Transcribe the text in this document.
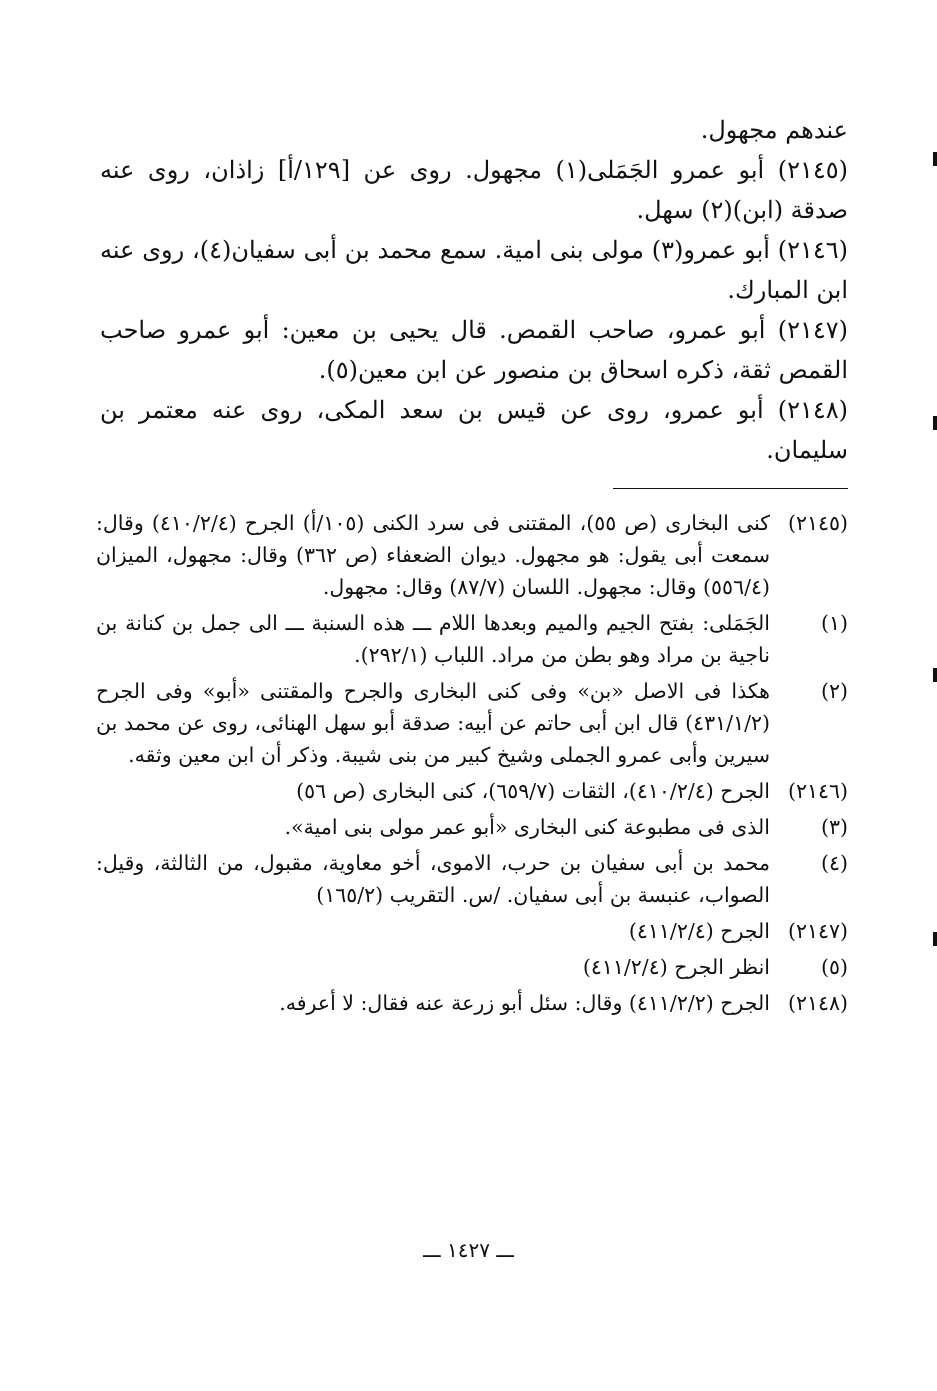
عندهم مجهول.

(٢١٤٥) أبو عمرو الجَمَلى(١) مجهول. روى عن [١٢٩/أ] زاذان، روى عنه صدقة (ابن)(٢) سهل.

(٢١٤٦) أبو عمرو(٣) مولى بنى امية. سمع محمد بن أبى سفيان(٤)، روى عنه ابن المبارك.

(٢١٤٧) أبو عمرو، صاحب القمص. قال يحيى بن معين: أبو عمرو صاحب القمص ثقة، ذكره اسحاق بن منصور عن ابن معين(٥).

(٢١٤٨) أبو عمرو، روى عن قيس بن سعد المكى، روى عنه معتمر بن سليمان.

(٢١٤٥)
كنى البخارى (ص ٥٥)، المقتنى فى سرد الكنى (١٠٥/أ) الجرح (٤١٠/٢/٤) وقال: سمعت أبى يقول: هو مجهول. ديوان الضعفاء (ص ٣٦٢) وقال: مجهول، الميزان (٥٥٦/٤) وقال: مجهول. اللسان (٨٧/٧) وقال: مجهول.
(١)
الجَمَلى: بفتح الجيم والميم وبعدها اللام ـــ هذه السنبة ـــ الى جمل بن كنانة بن ناجية بن مراد وهو بطن من مراد. اللباب (٢٩٢/١).
(٢)
هكذا فى الاصل «بن» وفى كنى البخارى والجرح والمقتنى «أبو» وفى الجرح (٤٣١/١/٢) قال ابن أبى حاتم عن أبيه: صدقة أبو سهل الهنائى، روى عن محمد بن سيرين وأبى عمرو الجملى وشيخ كبير من بنى شيبة. وذكر أن ابن معين وثقه.
(٢١٤٦)
الجرح (٤١٠/٢/٤)، الثقات (٦٥٩/٧)، كنى البخارى (ص ٥٦)
(٣)
الذى فى مطبوعة كنى البخارى «أبو عمر مولى بنى امية».
(٤)
محمد بن أبى سفيان بن حرب، الاموى، أخو معاوية، مقبول، من الثالثة، وقيل: الصواب، عنبسة بن أبى سفيان. /س. التقريب (١٦٥/٢)
(٢١٤٧)
الجرح (٤١١/٢/٤)
(٥)
انظر الجرح (٤١١/٢/٤)
(٢١٤٨)
الجرح (٤١١/٢/٢) وقال: سئل أبو زرعة عنه فقال: لا أعرفه.
ـــ ١٤٢٧ ـــ
